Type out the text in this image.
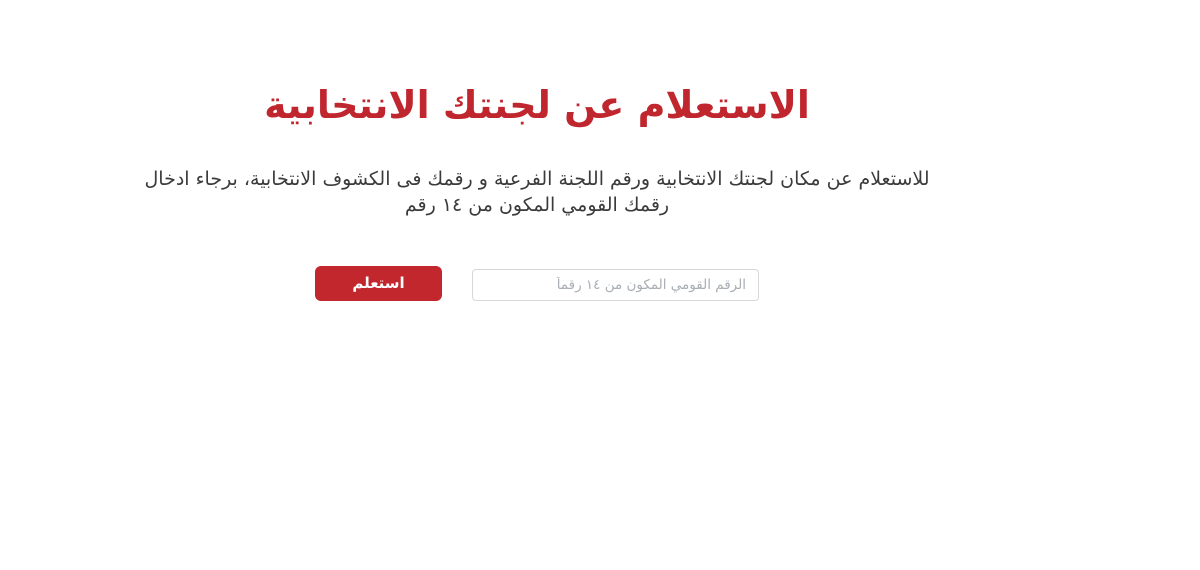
الاستعلام عن لجنتك الانتخابية

للاستعلام عن مكان لجنتك الانتخابية ورقم اللجنة الفرعية و رقمك فى الكشوف الانتخابية، برجاء ادخال
رقمك القومي المكون من ١٤ رقم

الرقم القومي المكون من ١٤ رقماً
استعلم
